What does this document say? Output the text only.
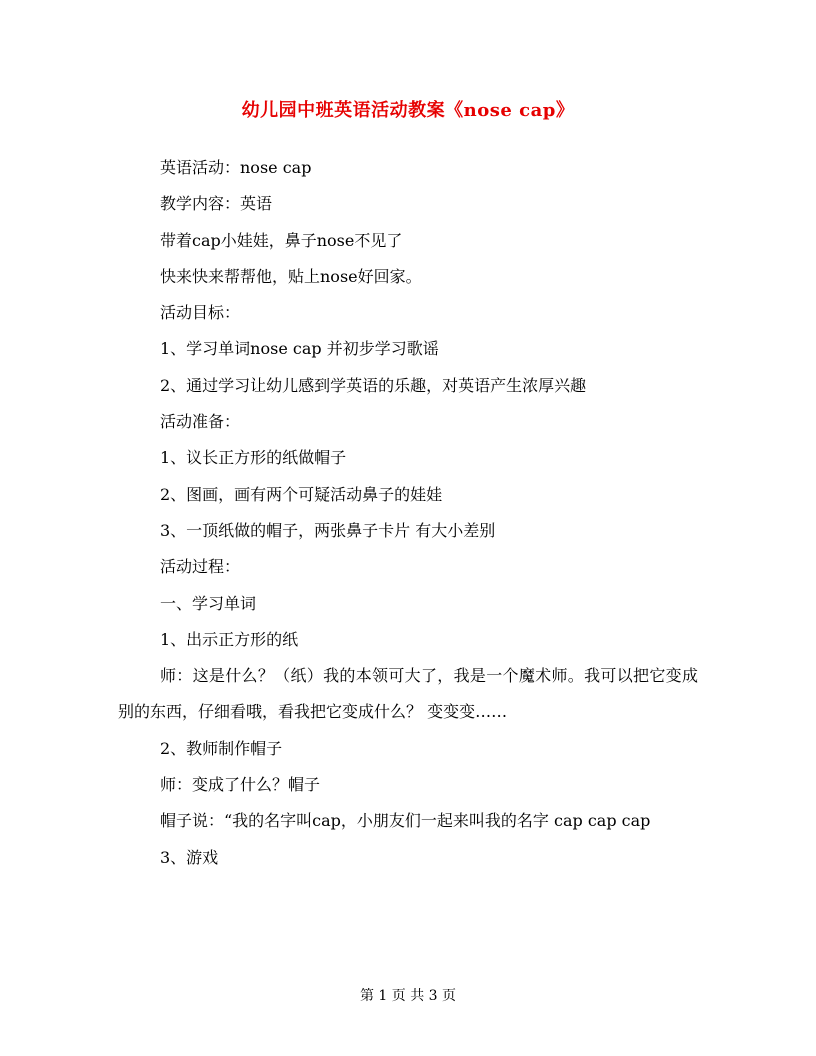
幼儿园中班英语活动教案《nose cap》

英语活动：nose cap

教学内容：英语

带着cap小娃娃，鼻子nose不见了

快来快来帮帮他，贴上nose好回家。

活动目标：

1、学习单词nose cap 并初步学习歌谣

2、通过学习让幼儿感到学英语的乐趣，对英语产生浓厚兴趣

活动准备：

1、议长正方形的纸做帽子

2、图画，画有两个可疑活动鼻子的娃娃

3、一顶纸做的帽子，两张鼻子卡片 有大小差别

活动过程：

一、学习单词

1、出示正方形的纸

师：这是什么？（纸）我的本领可大了，我是一个魔术师。我可以把它变成别的东西，仔细看哦，看我把它变成什么？ 变变变……

2、教师制作帽子

师：变成了什么？帽子

帽子说：“我的名字叫cap，小朋友们一起来叫我的名字 cap cap cap

3、游戏

第 1 页 共 3 页
